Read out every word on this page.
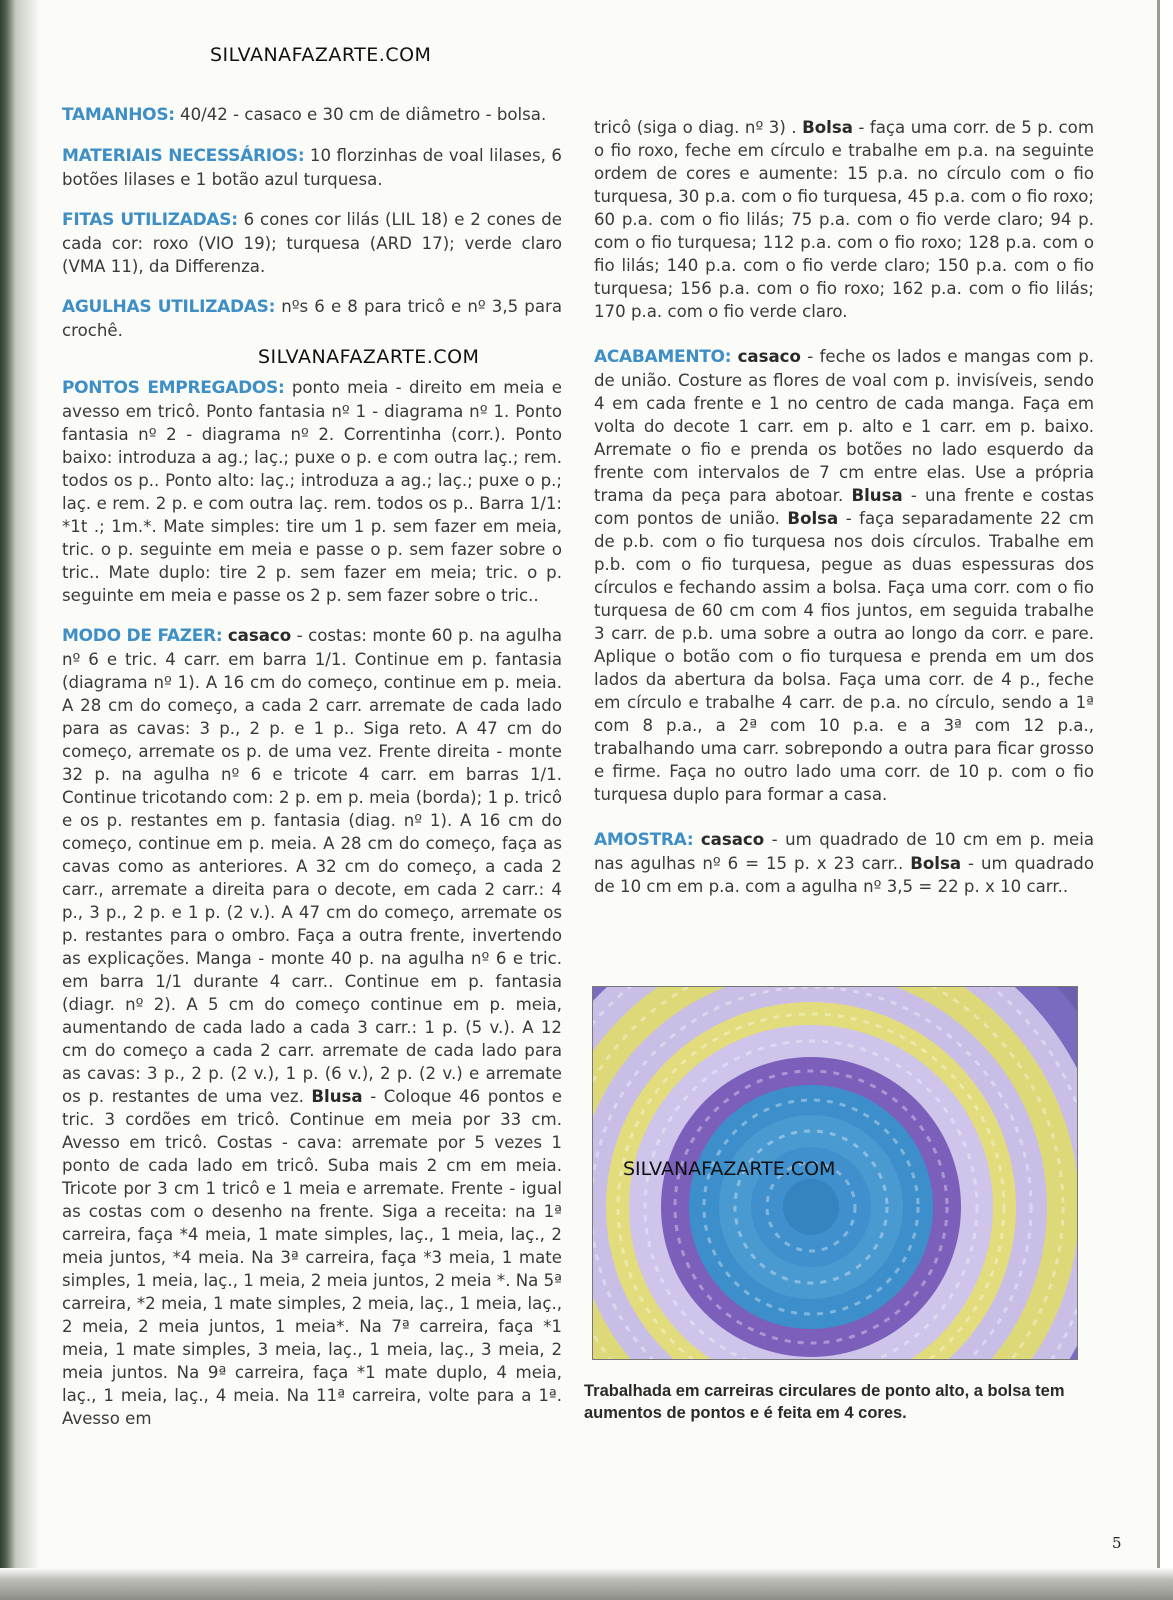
SILVANAFAZARTE.COM
SILVANAFAZARTE.COM

TAMANHOS: 40/42 - casaco e 30 cm de diâmetro - bolsa.

MATERIAIS NECESSÁRIOS: 10 florzinhas de voal lilases, 6 botões lilases e 1 botão azul turquesa.

FITAS UTILIZADAS: 6 cones cor lilás (LIL 18) e 2 cones de cada cor: roxo (VIO 19); turquesa (ARD 17); verde claro (VMA 11), da Differenza.

AGULHAS UTILIZADAS: nºs 6 e 8 para tricô e nº 3,5 para crochê.

PONTOS EMPREGADOS: ponto meia - direito em meia e avesso em tricô. Ponto fantasia nº 1 - diagrama nº 1. Ponto fantasia nº 2 - diagrama nº 2. Correntinha (corr.). Ponto baixo: introduza a ag.; laç.; puxe o p. e com outra laç.; rem. todos os p.. Ponto alto: laç.; introduza a ag.; laç.; puxe o p.; laç. e rem. 2 p. e com outra laç. rem. todos os p.. Barra 1/1: *1t .; 1m.*. Mate simples: tire um 1 p. sem fazer em meia, tric. o p. seguinte em meia e passe o p. sem fazer sobre o tric.. Mate duplo: tire 2 p. sem fazer em meia; tric. o p. seguinte em meia e passe os 2 p. sem fazer sobre o tric..

MODO DE FAZER: casaco - costas: monte 60 p. na agulha nº 6 e tric. 4 carr. em barra 1/1. Continue em p. fantasia (diagrama nº 1). A 16 cm do começo, continue em p. meia. A 28 cm do começo, a cada 2 carr. arremate de cada lado para as cavas: 3 p., 2 p. e 1 p.. Siga reto. A 47 cm do começo, arremate os p. de uma vez. Frente direita - monte 32 p. na agulha nº 6 e tricote 4 carr. em barras 1/1. Continue tricotando com: 2 p. em p. meia (borda); 1 p. tricô e os p. restantes em p. fantasia (diag. nº 1). A 16 cm do começo, continue em p. meia. A 28 cm do começo, faça as cavas como as anteriores. A 32 cm do começo, a cada 2 carr., arremate a direita para o decote, em cada 2 carr.: 4 p., 3 p., 2 p. e 1 p. (2 v.). A 47 cm do começo, arremate os p. restantes para o ombro. Faça a outra frente, invertendo as explicações. Manga - monte 40 p. na agulha nº 6 e tric. em barra 1/1 durante 4 carr.. Continue em p. fantasia (diagr. nº 2). A 5 cm do começo continue em p. meia, aumentando de cada lado a cada 3 carr.: 1 p. (5 v.). A 12 cm do começo a cada 2 carr. arremate de cada lado para as cavas: 3 p., 2 p. (2 v.), 1 p. (6 v.), 2 p. (2 v.) e arremate os p. restantes de uma vez. Blusa - Coloque 46 pontos e tric. 3 cordões em tricô. Continue em meia por 33 cm. Avesso em tricô. Costas - cava: arremate por 5 vezes 1 ponto de cada lado em tricô. Suba mais 2 cm em meia. Tricote por 3 cm 1 tricô e 1 meia e arremate. Frente - igual as costas com o desenho na frente. Siga a receita: na 1ª carreira, faça *4 meia, 1 mate simples, laç., 1 meia, laç., 2 meia juntos, *4 meia. Na 3ª carreira, faça *3 meia, 1 mate simples, 1 meia, laç., 1 meia, 2 meia juntos, 2 meia *. Na 5ª carreira, *2 meia, 1 mate simples, 2 meia, laç., 1 meia, laç., 2 meia, 2 meia juntos, 1 meia*. Na 7ª carreira, faça *1 meia, 1 mate simples, 3 meia, laç., 1 meia, laç., 3 meia, 2 meia juntos. Na 9ª carreira, faça *1 mate duplo, 4 meia, laç., 1 meia, laç., 4 meia. Na 11ª carreira, volte para a 1ª. Avesso em

tricô (siga o diag. nº 3) . Bolsa - faça uma corr. de 5 p. com o fio roxo, feche em círculo e trabalhe em p.a. na seguinte ordem de cores e aumente: 15 p.a. no círculo com o fio turquesa, 30 p.a. com o fio turquesa, 45 p.a. com o fio roxo; 60 p.a. com o fio lilás; 75 p.a. com o fio verde claro; 94 p. com o fio turquesa; 112 p.a. com o fio roxo; 128 p.a. com o fio lilás; 140 p.a. com o fio verde claro; 150 p.a. com o fio turquesa; 156 p.a. com o fio roxo; 162 p.a. com o fio lilás; 170 p.a. com o fio verde claro.

ACABAMENTO: casaco - feche os lados e mangas com p. de união. Costure as flores de voal com p. invisíveis, sendo 4 em cada frente e 1 no centro de cada manga. Faça em volta do decote 1 carr. em p. alto e 1 carr. em p. baixo. Arremate o fio e prenda os botões no lado esquerdo da frente com intervalos de 7 cm entre elas. Use a própria trama da peça para abotoar. Blusa - una frente e costas com pontos de união. Bolsa - faça separadamente 22 cm de p.b. com o fio turquesa nos dois círculos. Trabalhe em p.b. com o fio turquesa, pegue as duas espessuras dos círculos e fechando assim a bolsa. Faça uma corr. com o fio turquesa de 60 cm com 4 fios juntos, em seguida trabalhe 3 carr. de p.b. uma sobre a outra ao longo da corr. e pare. Aplique o botão com o fio turquesa e prenda em um dos lados da abertura da bolsa. Faça uma corr. de 4 p., feche em círculo e trabalhe 4 carr. de p.a. no círculo, sendo a 1ª com 8 p.a., a 2ª com 10 p.a. e a 3ª com 12 p.a., trabalhando uma carr. sobrepondo a outra para ficar grosso e firme. Faça no outro lado uma corr. de 10 p. com o fio turquesa duplo para formar a casa.

AMOSTRA: casaco - um quadrado de 10 cm em p. meia nas agulhas nº 6 = 15 p. x 23 carr.. Bolsa - um quadrado de 10 cm em p.a. com a agulha nº 3,5 = 22 p. x 10 carr..

SILVANAFAZARTE.COM
Trabalhada em carreiras circulares de ponto alto, a bolsa tem aumentos de pontos e é feita em 4 cores.
5
